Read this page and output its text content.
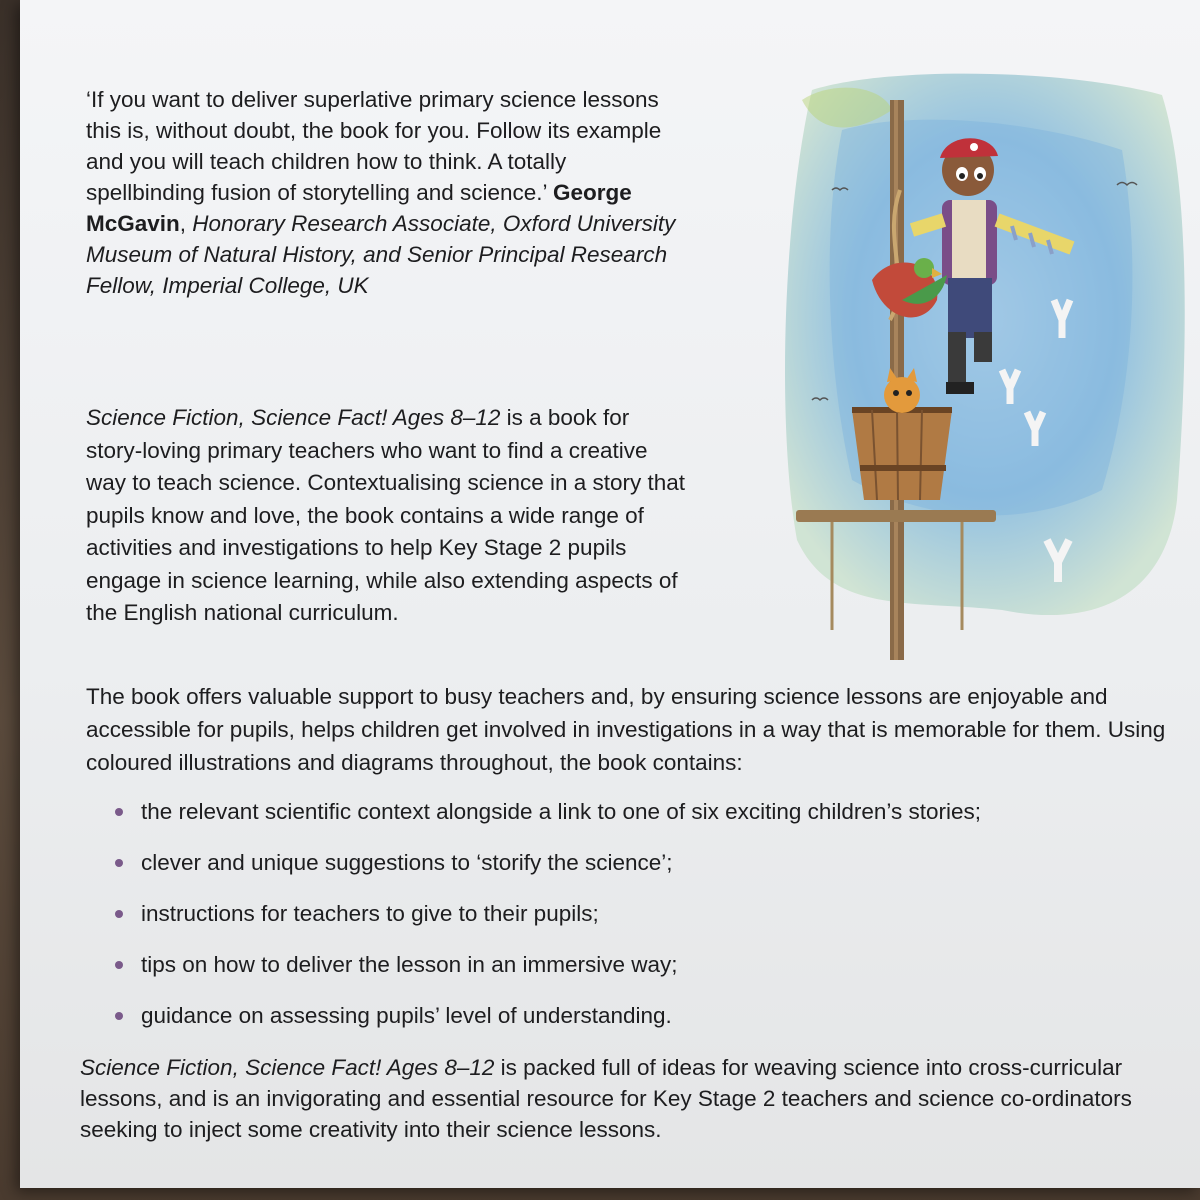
‘If you want to deliver superlative primary science lessons this is, without doubt, the book for you. Follow its example and you will teach children how to think. A totally spellbinding fusion of storytelling and science.’ George McGavin, Honorary Research Associate, Oxford University Museum of Natural History, and Senior Principal Research Fellow, Imperial College, UK
Science Fiction, Science Fact! Ages 8–12 is a book for story-loving primary teachers who want to find a creative way to teach science. Contextualising science in a story that pupils know and love, the book contains a wide range of activities and investigations to help Key Stage 2 pupils engage in science learning, while also extending aspects of the English national curriculum.
The book offers valuable support to busy teachers and, by ensuring science lessons are enjoyable and accessible for pupils, helps children get involved in investigations in a way that is memorable for them. Using coloured illustrations and diagrams throughout, the book contains:
the relevant scientific context alongside a link to one of six exciting children’s stories;
clever and unique suggestions to ‘storify the science’;
instructions for teachers to give to their pupils;
tips on how to deliver the lesson in an immersive way;
guidance on assessing pupils’ level of understanding.
Science Fiction, Science Fact! Ages 8–12 is packed full of ideas for weaving science into cross-curricular lessons, and is an invigorating and essential resource for Key Stage 2 teachers and science co-ordinators seeking to inject some creativity into their science lessons.
